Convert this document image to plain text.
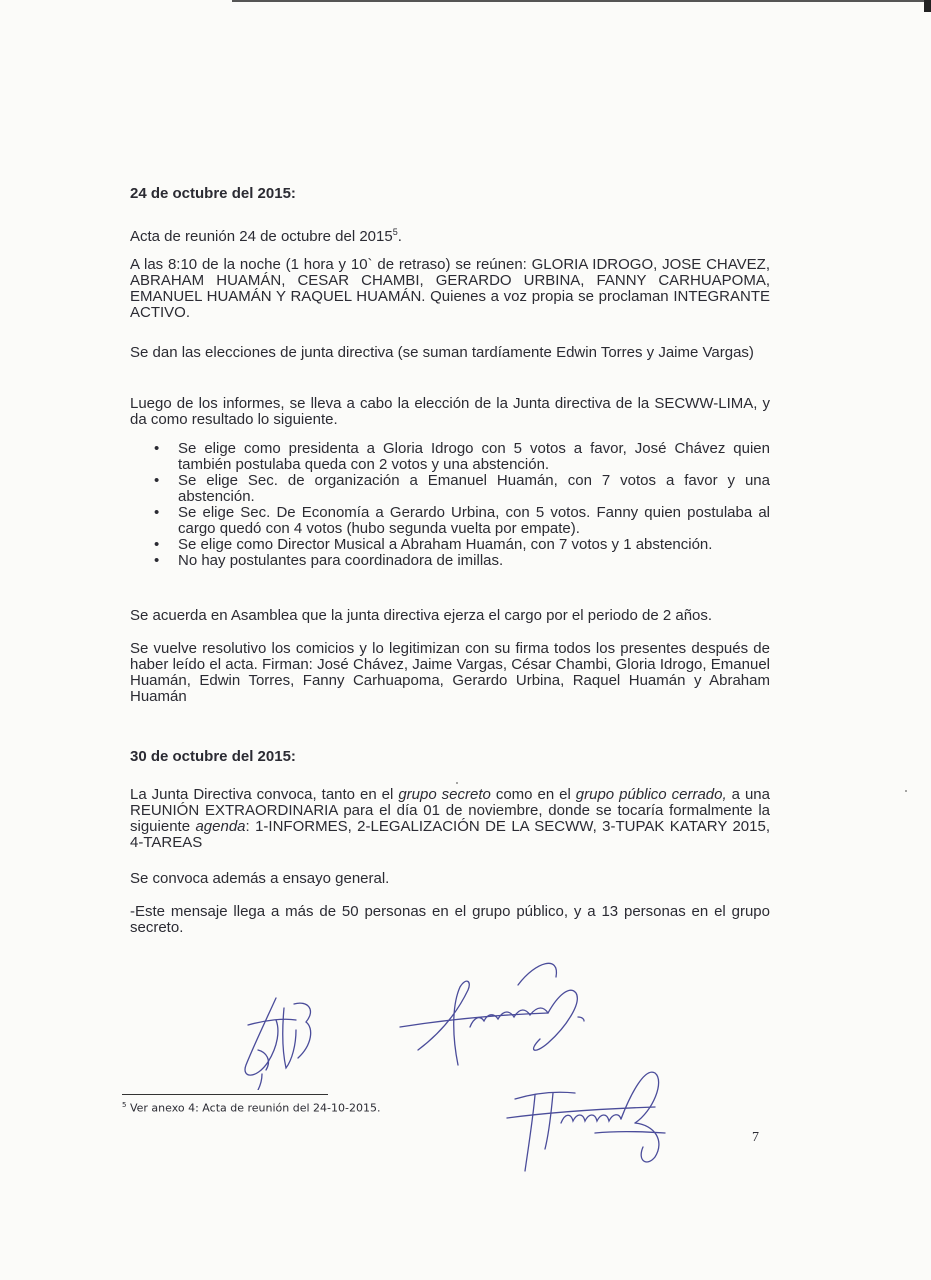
24 de octubre del 2015:

Acta de reunión 24 de octubre del 2015$^5$.

A las 8:10 de la noche (1 hora y 10` de retraso) se reúnen: GLORIA IDROGO, JOSE CHAVEZ, ABRAHAM HUAMÁN, CESAR CHAMBI, GERARDO URBINA, FANNY CARHUAPOMA, EMANUEL HUAMÁN Y RAQUEL HUAMÁN. Quienes a voz propia se proclaman INTEGRANTE ACTIVO.

Se dan las elecciones de junta directiva (se suman tardíamente Edwin Torres y Jaime Vargas)

Luego de los informes, se lleva a cabo la elección de la Junta directiva de la SECWW-LIMA, y da como resultado lo siguiente.

• Se elige como presidenta a Gloria Idrogo con 5 votos a favor, José Chávez quien también postulaba queda con 2 votos y una abstención.
• Se elige Sec. de organización a Emanuel Huamán, con 7 votos a favor y una abstención.
• Se elige Sec. De Economía a Gerardo Urbina, con 5 votos. Fanny quien postulaba al cargo quedó con 4 votos (hubo segunda vuelta por empate).
• Se elige como Director Musical a Abraham Huamán, con 7 votos y 1 abstención.
• No hay postulantes para coordinadora de imillas.

Se acuerda en Asamblea que la junta directiva ejerza el cargo por el periodo de 2 años.

Se vuelve resolutivo los comicios y lo legitimizan con su firma todos los presentes después de haber leído el acta. Firman: José Chávez, Jaime Vargas, César Chambi, Gloria Idrogo, Emanuel Huamán, Edwin Torres, Fanny Carhuapoma, Gerardo Urbina, Raquel Huamán y Abraham Huamán

30 de octubre del 2015:

La Junta Directiva convoca, tanto en el grupo secreto como en el grupo público cerrado, a una REUNIÓN EXTRAORDINARIA para el día 01 de noviembre, donde se tocaría formalmente la siguiente agenda: 1-INFORMES, 2-LEGALIZACIÓN DE LA SECWW, 3-TUPAK KATARY 2015, 4-TAREAS

Se convoca además a ensayo general.

-Este mensaje llega a más de 50 personas en el grupo público, y a 13 personas en el grupo secreto.

$^5$ Ver anexo 4: Acta de reunión del 24-10-2015.
7
